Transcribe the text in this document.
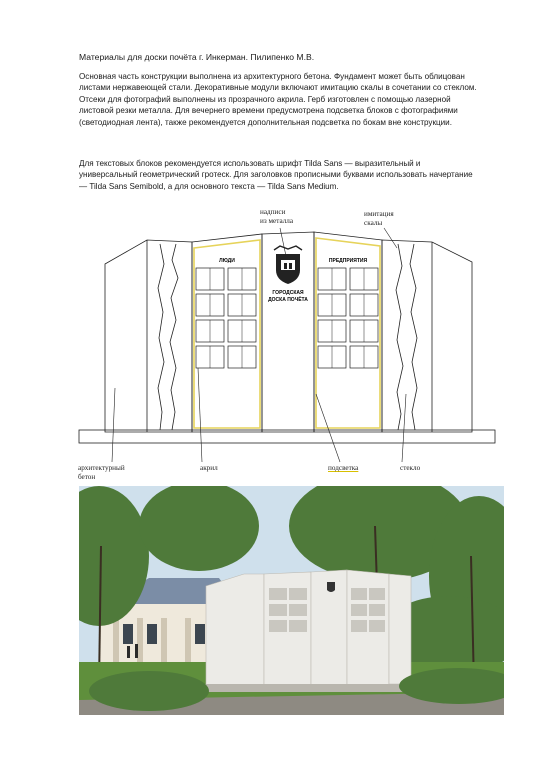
Материалы для доски почёта г. Инкерман. Пилипенко М.В.

Основная часть конструкции выполнена из архитектурного бетона. Фундамент может быть облицован листами нержавеющей стали. Декоративные модули включают имитацию скалы в сочетании со стеклом. Отсеки для фотографий выполнены из прозрачного акрила. Герб изготовлен с помощью лазерной листовой резки металла. Для вечернего времени предусмотрена подсветка блоков с фотографиями (светодиодная лента), также рекомендуется дополнительная подсветка по бокам вне конструкции.

Для текстовых блоков рекомендуется использовать шрифт Tilda Sans — выразительный и универсальный геометрический гротеск. Для заголовков прописными буквами использовать начертание — Tilda Sans Semibold, а для основного текста — Tilda Sans Medium.

ЛЮДИ	ПРЕДПРИЯТИЯ
ГОРОДСКАЯ
ДОСКА ПОЧЁТА
надписи
из металла
имитация
скалы
архитектурный
бетон
акрил	подсветка	стекло
